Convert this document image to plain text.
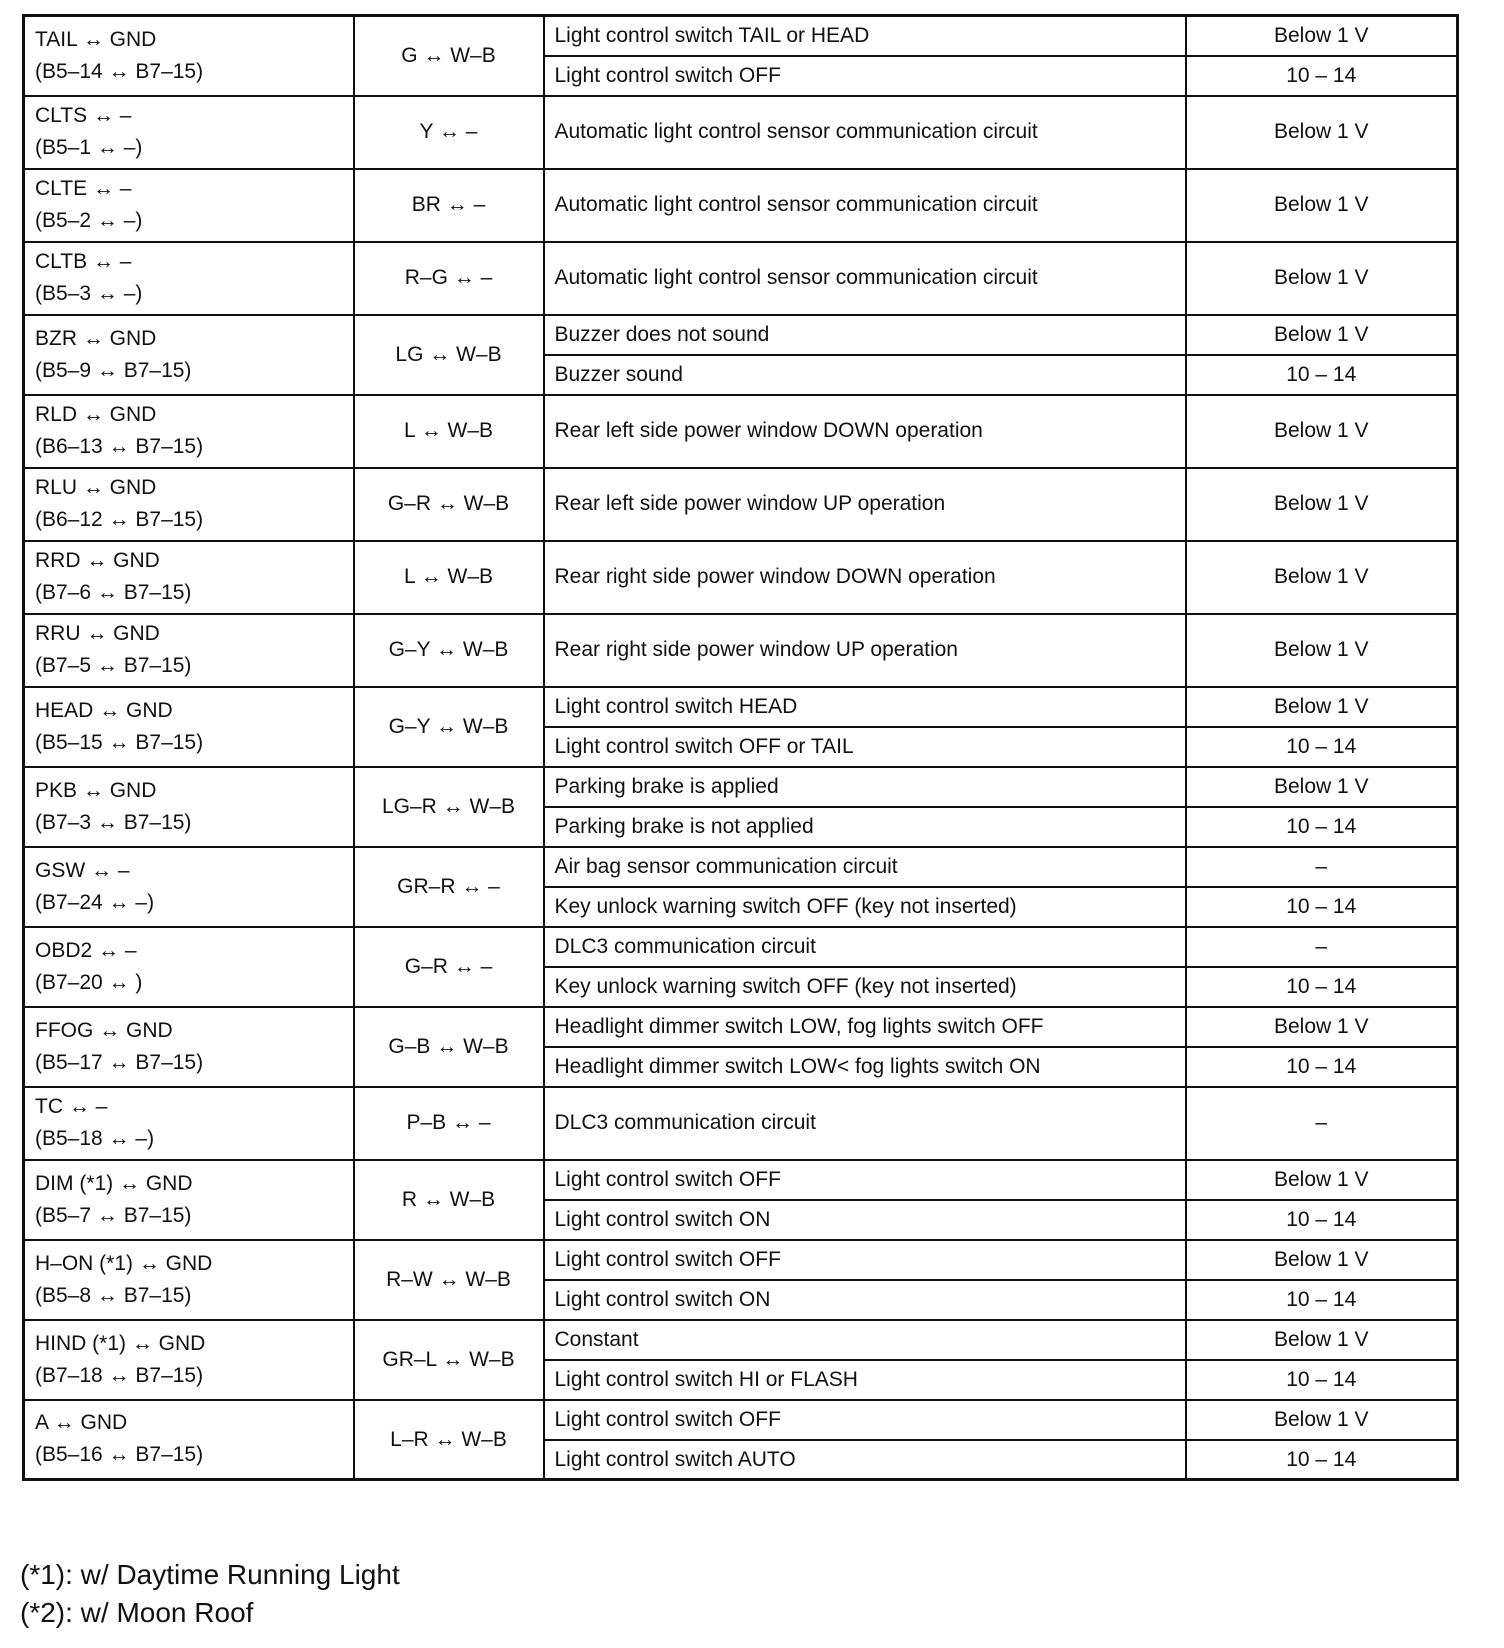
TAIL ↔ GND
(B5–14 ↔ B7–15)	G ↔ W–B	Light control switch TAIL or HEAD	Below 1 V
		Light control switch OFF	10 – 14

CLTS ↔ –
(B5–1 ↔ –)	Y ↔ –	Automatic light control sensor communication circuit	Below 1 V

CLTE ↔ –
(B5–2 ↔ –)	BR ↔ –	Automatic light control sensor communication circuit	Below 1 V

CLTB ↔ –
(B5–3 ↔ –)	R–G ↔ –	Automatic light control sensor communication circuit	Below 1 V

BZR ↔ GND
(B5–9 ↔ B7–15)	LG ↔ W–B	Buzzer does not sound	Below 1 V
		Buzzer sound	10 – 14

RLD ↔ GND
(B6–13 ↔ B7–15)	L ↔ W–B	Rear left side power window DOWN operation	Below 1 V

RLU ↔ GND
(B6–12 ↔ B7–15)	G–R ↔ W–B	Rear left side power window UP operation	Below 1 V

RRD ↔ GND
(B7–6 ↔ B7–15)	L ↔ W–B	Rear right side power window DOWN operation	Below 1 V

RRU ↔ GND
(B7–5 ↔ B7–15)	G–Y ↔ W–B	Rear right side power window UP operation	Below 1 V

HEAD ↔ GND
(B5–15 ↔ B7–15)	G–Y ↔ W–B	Light control switch HEAD	Below 1 V
		Light control switch OFF or TAIL	10 – 14

PKB ↔ GND
(B7–3 ↔ B7–15)	LG–R ↔ W–B	Parking brake is applied	Below 1 V
		Parking brake is not applied	10 – 14

GSW ↔ –
(B7–24 ↔ –)	GR–R ↔ –	Air bag sensor communication circuit	–
		Key unlock warning switch OFF (key not inserted)	10 – 14

OBD2 ↔ –
(B7–20 ↔ )	G–R ↔ –	DLC3 communication circuit	–
		Key unlock warning switch OFF (key not inserted)	10 – 14

FFOG ↔ GND
(B5–17 ↔ B7–15)	G–B ↔ W–B	Headlight dimmer switch LOW, fog lights switch OFF	Below 1 V
		Headlight dimmer switch LOW< fog lights switch ON	10 – 14

TC ↔ –
(B5–18 ↔ –)	P–B ↔ –	DLC3 communication circuit	–

DIM (*1) ↔ GND
(B5–7 ↔ B7–15)	R ↔ W–B	Light control switch OFF	Below 1 V
		Light control switch ON	10 – 14

H–ON (*1) ↔ GND
(B5–8 ↔ B7–15)	R–W ↔ W–B	Light control switch OFF	Below 1 V
		Light control switch ON	10 – 14

HIND (*1) ↔ GND
(B7–18 ↔ B7–15)	GR–L ↔ W–B	Constant	Below 1 V
		Light control switch HI or FLASH	10 – 14

A ↔ GND
(B5–16 ↔ B7–15)	L–R ↔ W–B	Light control switch OFF	Below 1 V
		Light control switch AUTO	10 – 14
(*1): w/ Daytime Running Light
(*2): w/ Moon Roof
